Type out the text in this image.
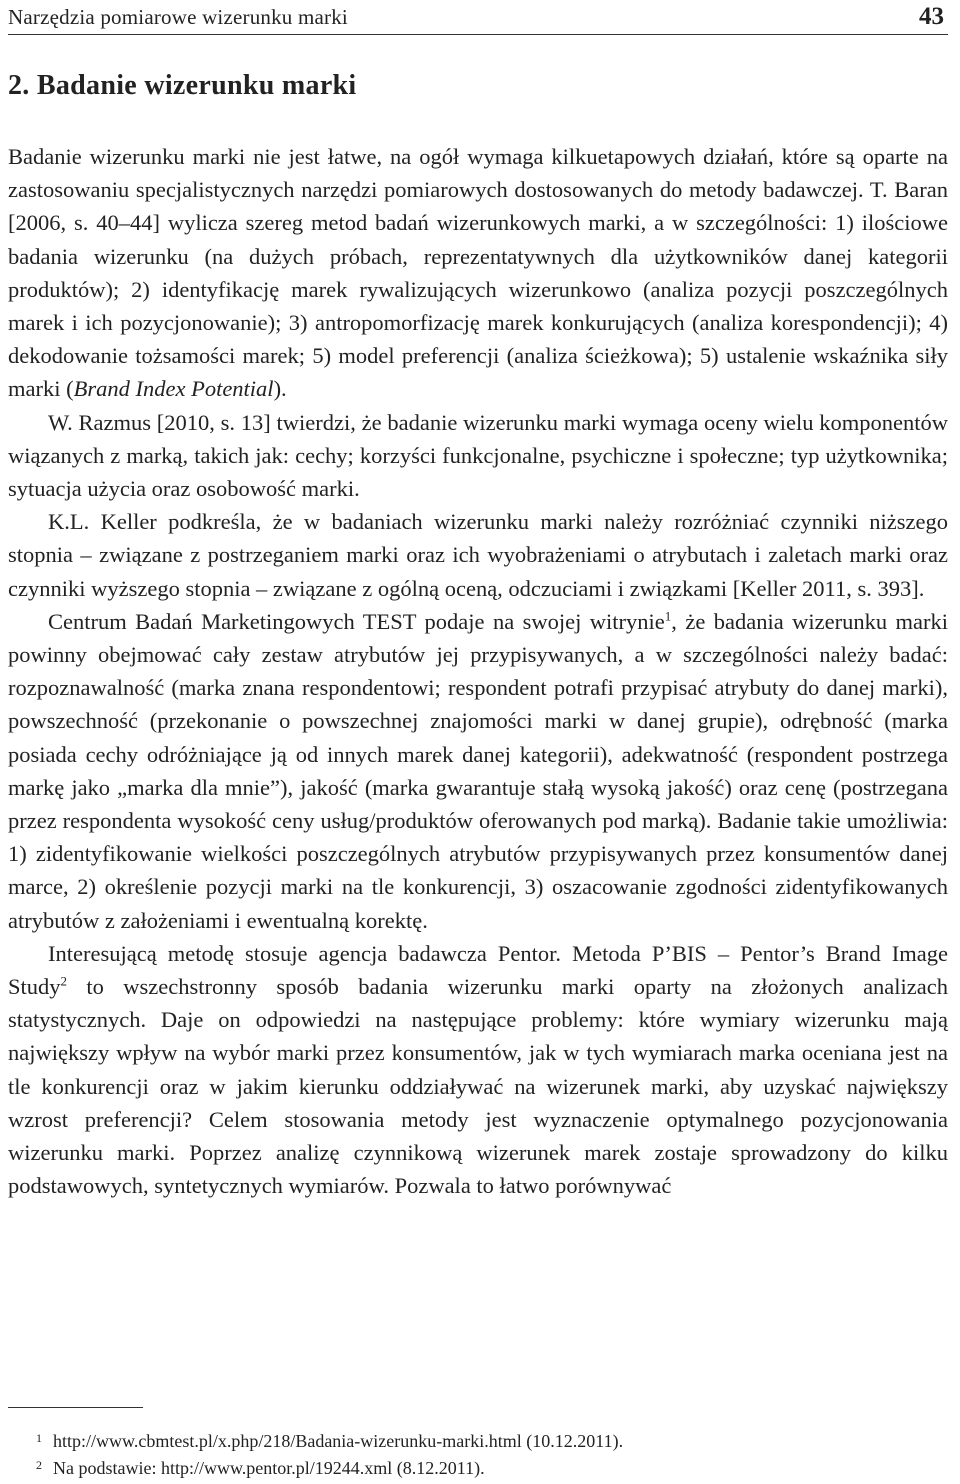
Narzędzia pomiarowe wizerunku marki	43
2. Badanie wizerunku marki

Badanie wizerunku marki nie jest łatwe, na ogół wymaga kilkuetapowych działań, które są oparte na zastosowaniu specjalistycznych narzędzi pomiarowych dostosowanych do metody badawczej. T. Baran [2006, s. 40–44] wylicza szereg metod badań wizerunkowych marki, a w szczególności: 1) ilościowe badania wizerunku (na dużych próbach, reprezentatywnych dla użytkowników danej kategorii produktów); 2) identyfikację marek rywalizujących wizerunkowo (analiza pozycji poszczególnych marek i ich pozycjonowanie); 3) antropomorfizację marek konkurujących (analiza korespondencji); 4) dekodowanie tożsamości marek; 5) model preferencji (analiza ścieżkowa); 5) ustalenie wskaźnika siły marki (Brand Index Potential).

W. Razmus [2010, s. 13] twierdzi, że badanie wizerunku marki wymaga oceny wielu komponentów wiązanych z marką, takich jak: cechy; korzyści funkcjonalne, psychiczne i społeczne; typ użytkownika; sytuacja użycia oraz osobowość marki.

K.L. Keller podkreśla, że w badaniach wizerunku marki należy rozróżniać czynniki niższego stopnia – związane z postrzeganiem marki oraz ich wyobrażeniami o atrybutach i zaletach marki oraz czynniki wyższego stopnia – związane z ogólną oceną, odczuciami i związkami [Keller 2011, s. 393].

Centrum Badań Marketingowych TEST podaje na swojej witrynie$^1$, że badania wizerunku marki powinny obejmować cały zestaw atrybutów jej przypisywanych, a w szczególności należy badać: rozpoznawalność (marka znana respondentowi; respondent potrafi przypisać atrybuty do danej marki), powszechność (przekonanie o powszechnej znajomości marki w danej grupie), odrębność (marka posiada cechy odróżniające ją od innych marek danej kategorii), adekwatność (respondent postrzega markę jako „marka dla mnie”), jakość (marka gwarantuje stałą wysoką jakość) oraz cenę (postrzegana przez respondenta wysokość ceny usług/produktów oferowanych pod marką). Badanie takie umożliwia: 1) zidentyfikowanie wielkości poszczególnych atrybutów przypisywanych przez konsumentów danej marce, 2) określenie pozycji marki na tle konkurencji, 3) oszacowanie zgodności zidentyfikowanych atrybutów z założeniami i ewentualną korektę.

Interesującą metodę stosuje agencja badawcza Pentor. Metoda P’BIS – Pentor’s Brand Image Study$^2$ to wszechstronny sposób badania wizerunku marki oparty na złożonych analizach statystycznych. Daje on odpowiedzi na następujące problemy: które wymiary wizerunku mają największy wpływ na wybór marki przez konsumentów, jak w tych wymiarach marka oceniana jest na tle konkurencji oraz w jakim kierunku oddziaływać na wizerunek marki, aby uzyskać największy wzrost preferencji? Celem stosowania metody jest wyznaczenie optymalnego pozycjonowania wizerunku marki. Poprzez analizę czynnikową wizerunek marek zostaje sprowadzony do kilku podstawowych, syntetycznych wymiarów. Pozwala to łatwo porównywać

1 http://www.cbmtest.pl/x.php/218/Badania-wizerunku-marki.html (10.12.2011).

2 Na podstawie: http://www.pentor.pl/19244.xml (8.12.2011).
